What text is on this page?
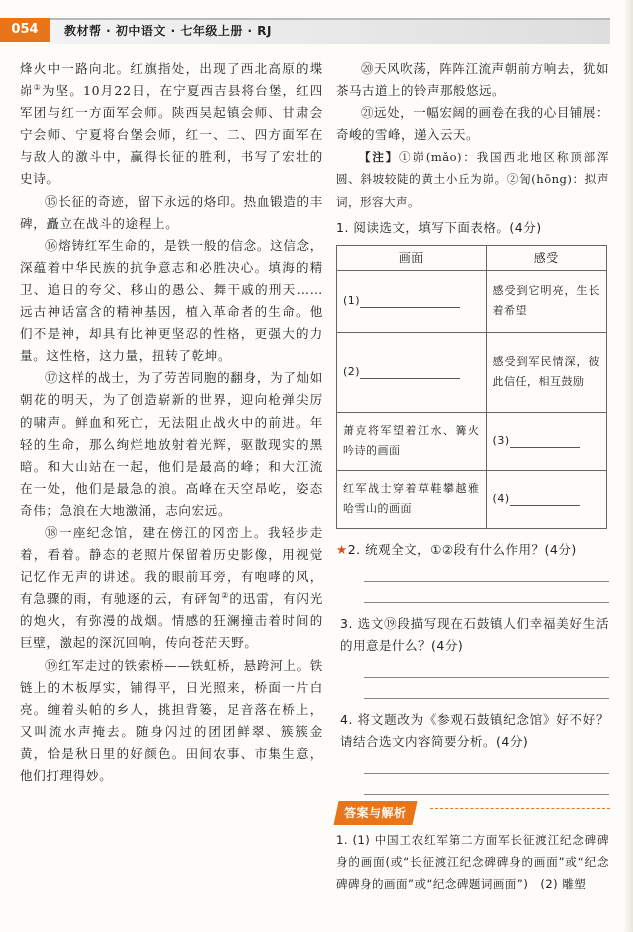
054	教材帮 · 初中语文 · 七年级上册 · RJ

烽火中一路向北。红旗指处，出现了西北高原的堞峁①为坚。10月22日，在宁夏西吉县将台堡，红四军团与红一方面军会师。陕西吴起镇会师、甘肃会宁会师、宁夏将台堡会师，红一、二、四方面军在与敌人的激斗中，赢得长征的胜利，书写了宏壮的史诗。

⑮长征的奇迹，留下永远的烙印。热血锻造的丰碑，矗立在战斗的途程上。

⑯熔铸红军生命的，是铁一般的信念。这信念，深蕴着中华民族的抗争意志和必胜决心。填海的精卫、追日的夸父、移山的愚公、舞干戚的刑天……远古神话富含的精神基因，植入革命者的生命。他们不是神，却具有比神更坚忍的性格，更强大的力量。这性格，这力量，扭转了乾坤。

⑰这样的战士，为了劳苦同胞的翻身，为了灿如朝花的明天，为了创造崭新的世界，迎向枪弹尖厉的啸声。鲜血和死亡，无法阻止战火中的前进。年轻的生命，那么绚烂地放射着光辉，驱散现实的黑暗。和大山站在一起，他们是最高的峰；和大江流在一处，他们是最急的浪。高峰在天空昂屹，姿态奇伟；急浪在大地激涌，志向宏远。

⑱一座纪念馆，建在傍江的冈峦上。我轻步走着，看着。静态的老照片保留着历史影像，用视觉记忆作无声的讲述。我的眼前耳旁，有咆哮的风，有急骤的雨，有驰逐的云，有砰訇②的迅雷，有闪光的炮火，有弥漫的战烟。情感的狂澜撞击着时间的巨壁，激起的深沉回响，传向苍茫天野。

⑲红军走过的铁索桥——铁虹桥，悬跨河上。铁链上的木板厚实，铺得平，日光照来，桥面一片白亮。缠着头帕的乡人，挑担背篓，足音落在桥上，又叫流水声掩去。随身闪过的团团鲜翠、簇簇金黄，恰是秋日里的好颜色。田间农事、市集生意，他们打理得妙。

⑳天风吹荡，阵阵江流声朝前方响去，犹如茶马古道上的铃声那般悠远。

㉑远处，一幅宏阔的画卷在我的心目铺展：奇峻的雪峰，递入云天。

【注】①峁(mǎo)：我国西北地区称顶部浑圆、斜坡较陡的黄土小丘为峁。②訇(hōng)：拟声词，形容大声。

1. 阅读选文，填写下面表格。(4分)
画面	感受
(1)	感受到它明亮，生长着希望
(2)	感受到军民情深，彼此信任，相互鼓励
萧克将军望着江水、篝火吟诗的画面	(3)
红军战士穿着草鞋攀越雅哈雪山的画面	(4)
★2. 统观全文，①②段有什么作用？(4分)
3. 选文⑲段描写现在石鼓镇人们幸福美好生活的用意是什么？(4分)
4. 将文题改为《参观石鼓镇纪念馆》好不好？请结合选文内容简要分析。(4分)
答案与解析
1. (1) 中国工农红军第二方面军长征渡江纪念碑碑身的画面(或“长征渡江纪念碑碑身的画面”或“纪念碑碑身的画面”或“纪念碑题词画面”)　(2) 雕塑
